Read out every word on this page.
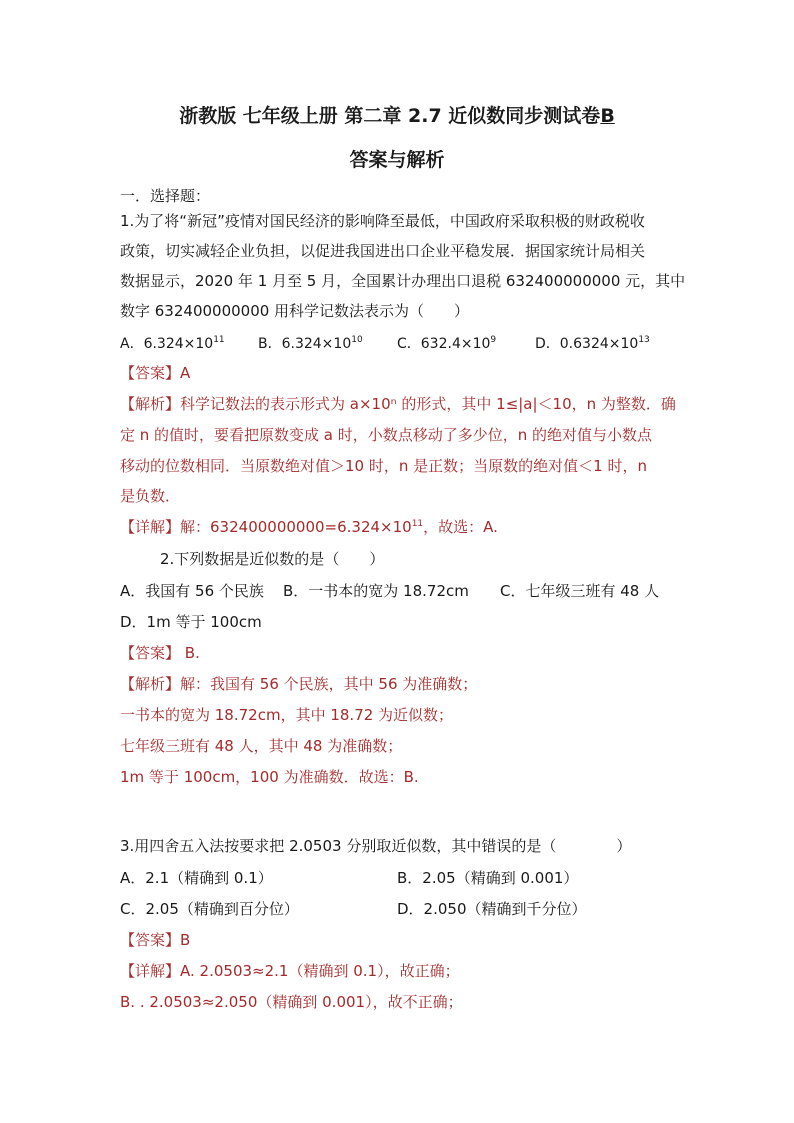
浙教版 七年级上册 第二章 2.7 近似数同步测试卷B
答案与解析
一．选择题：
1.为了将“新冠”疫情对国民经济的影响降至最低，中国政府采取积极的财政税收
政策，切实减轻企业负担，以促进我国进出口企业平稳发展．据国家统计局相关
数据显示，2020 年 1 月至 5 月，全国累计办理出口退税 632400000000 元，其中
数字 632400000000 用科学记数法表示为（　　）
A．$6.324\times 10^{11}$ B．$6.324\times 10^{10}$ C．$632.4\times 10^9$	D．$0.6324\times 10^{13}$
【答案】A
【解析】科学记数法的表示形式为 a×10ⁿ 的形式，其中 1≤|a|＜10，n 为整数．确
定 n 的值时，要看把原数变成 a 时，小数点移动了多少位，n 的绝对值与小数点
移动的位数相同．当原数绝对值＞10 时，n 是正数；当原数的绝对值＜1 时，n
是负数．
【详解】解：$632400000000=6.324\times 10^{11}$，故选：A.
2.下列数据是近似数的是（　　）
A．我国有 56 个民族 B．一书本的宽为 18.72cm C．七年级三班有 48 人
D．1m 等于 100cm
【答案】 B.
【解析】解：我国有 56 个民族，其中 56 为准确数；
一书本的宽为 18.72cm，其中 18.72 为近似数；
七年级三班有 48 人，其中 48 为准确数；
1m 等于 100cm，100 为准确数．故选：B.
3.用四舍五入法按要求把 2.0503 分别取近似数，其中错误的是（　　　　）
A．2.1（精确到 0.1）	B．2.05（精确到 0.001）
C．2.05（精确到百分位）	D．2.050（精确到千分位）
【答案】B
【详解】A. 2.0503≈2.1（精确到 0.1），故正确；
B. . 2.0503≈2.050（精确到 0.001），故不正确；
